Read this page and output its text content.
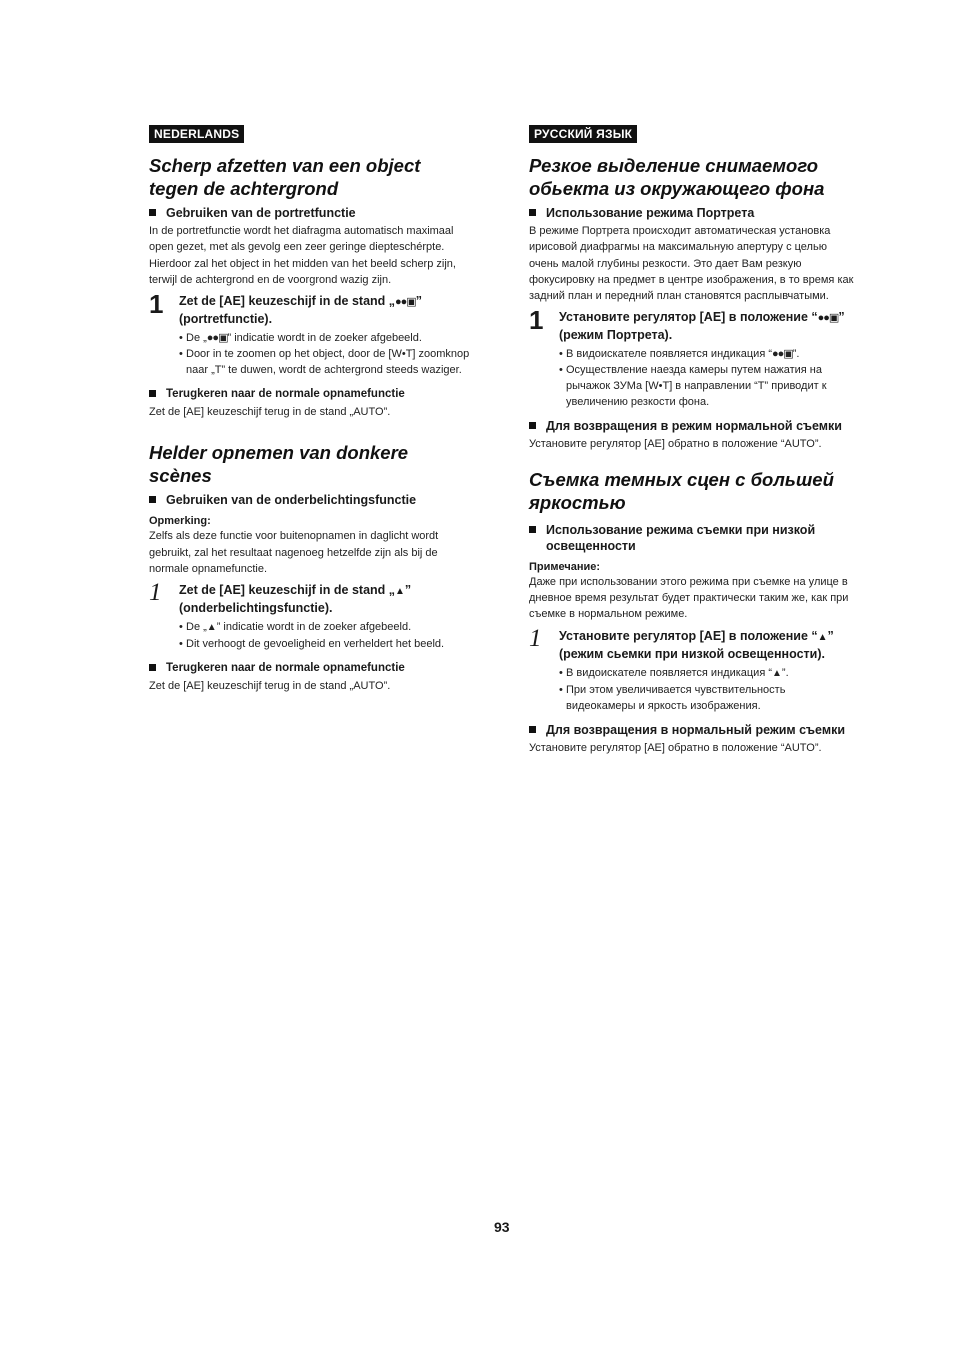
NEDERLANDS
Scherp afzetten van een object
tegen de achtergrond
Gebruiken van de portretfunctie

In de portretfunctie wordt het diafragma automatisch maximaal open gezet, met als gevolg een zeer geringe diepteschérpte. Hierdoor zal het object in het midden van het beeld scherp zijn, terwijl de achtergrond en de voorgrond wazig zijn.

1	Zet de [AE] keuzeschijf in de stand „●●▣” (portretfunctie).
• De „●●▣” indicatie wordt in de zoeker afgebeeld.
• Door in te zoomen op het object, door de [W•T] zoomknop naar „T” te duwen, wordt de achtergrond steeds waziger.
Terugkeren naar de normale opnamefunctie

Zet de [AE] keuzeschijf terug in de stand „AUTO”.

Helder opnemen van donkere
scènes
Gebruiken van de onderbelichtingsfunctie
Opmerking:

Zelfs als deze functie voor buitenopnamen in daglicht wordt gebruikt, zal het resultaat nagenoeg hetzelfde zijn als bij de normale opnamefunctie.

1	Zet de [AE] keuzeschijf in de stand „▲” (onderbelichtingsfunctie).
• De „▲” indicatie wordt in de zoeker afgebeeld.
• Dit verhoogt de gevoeligheid en verheldert het beeld.
Terugkeren naar de normale opnamefunctie

Zet de [AE] keuzeschijf terug in de stand „AUTO”.

РУССКИЙ ЯЗЫК
Резкое выделение снимаемого
обьекта из окружающего фона
Использование режима Портрета

В режиме Портрета происходит автоматическая установка ирисовой диафрагмы на максимальную апертуру с целью очень малой глубины резкости. Это дает Вам резкую фокусировку на предмет в центре изображения, в то время как задний план и передний план становятся расплывчатыми.

1	Установите регулятор [AE] в положение “●●▣” (режим Портрета).
• В видоискателе появляется индикация “●●▣”.
• Осуществление наезда камеры путем нажатия на рычажок ЗУМа [W•T] в направлении “T” приводит к увеличению резкости фона.
Для возвращения в режим нормальной съемки

Установите регулятор [AE] обратно в положение “AUTO”.

Съемка темных сцен с большей
яркостью
Использование режима съемки при низкой освещенности
Примечание:

Даже при использовании этого режима при съемке на улице в дневное время результат будет практически таким же, как при съемке в нормальном режиме.

1	Установите регулятор [AE] в положение “▲” (режим сьемки при низкой освещенности).
• В видоискателе появляется индикация “▲”.
• При этом увеличивается чувствительность видеокамеры и яркость изображения.
Для возвращения в нормальный режим съемки

Установите регулятор [AE] обратно в положение “AUTO”.

93
